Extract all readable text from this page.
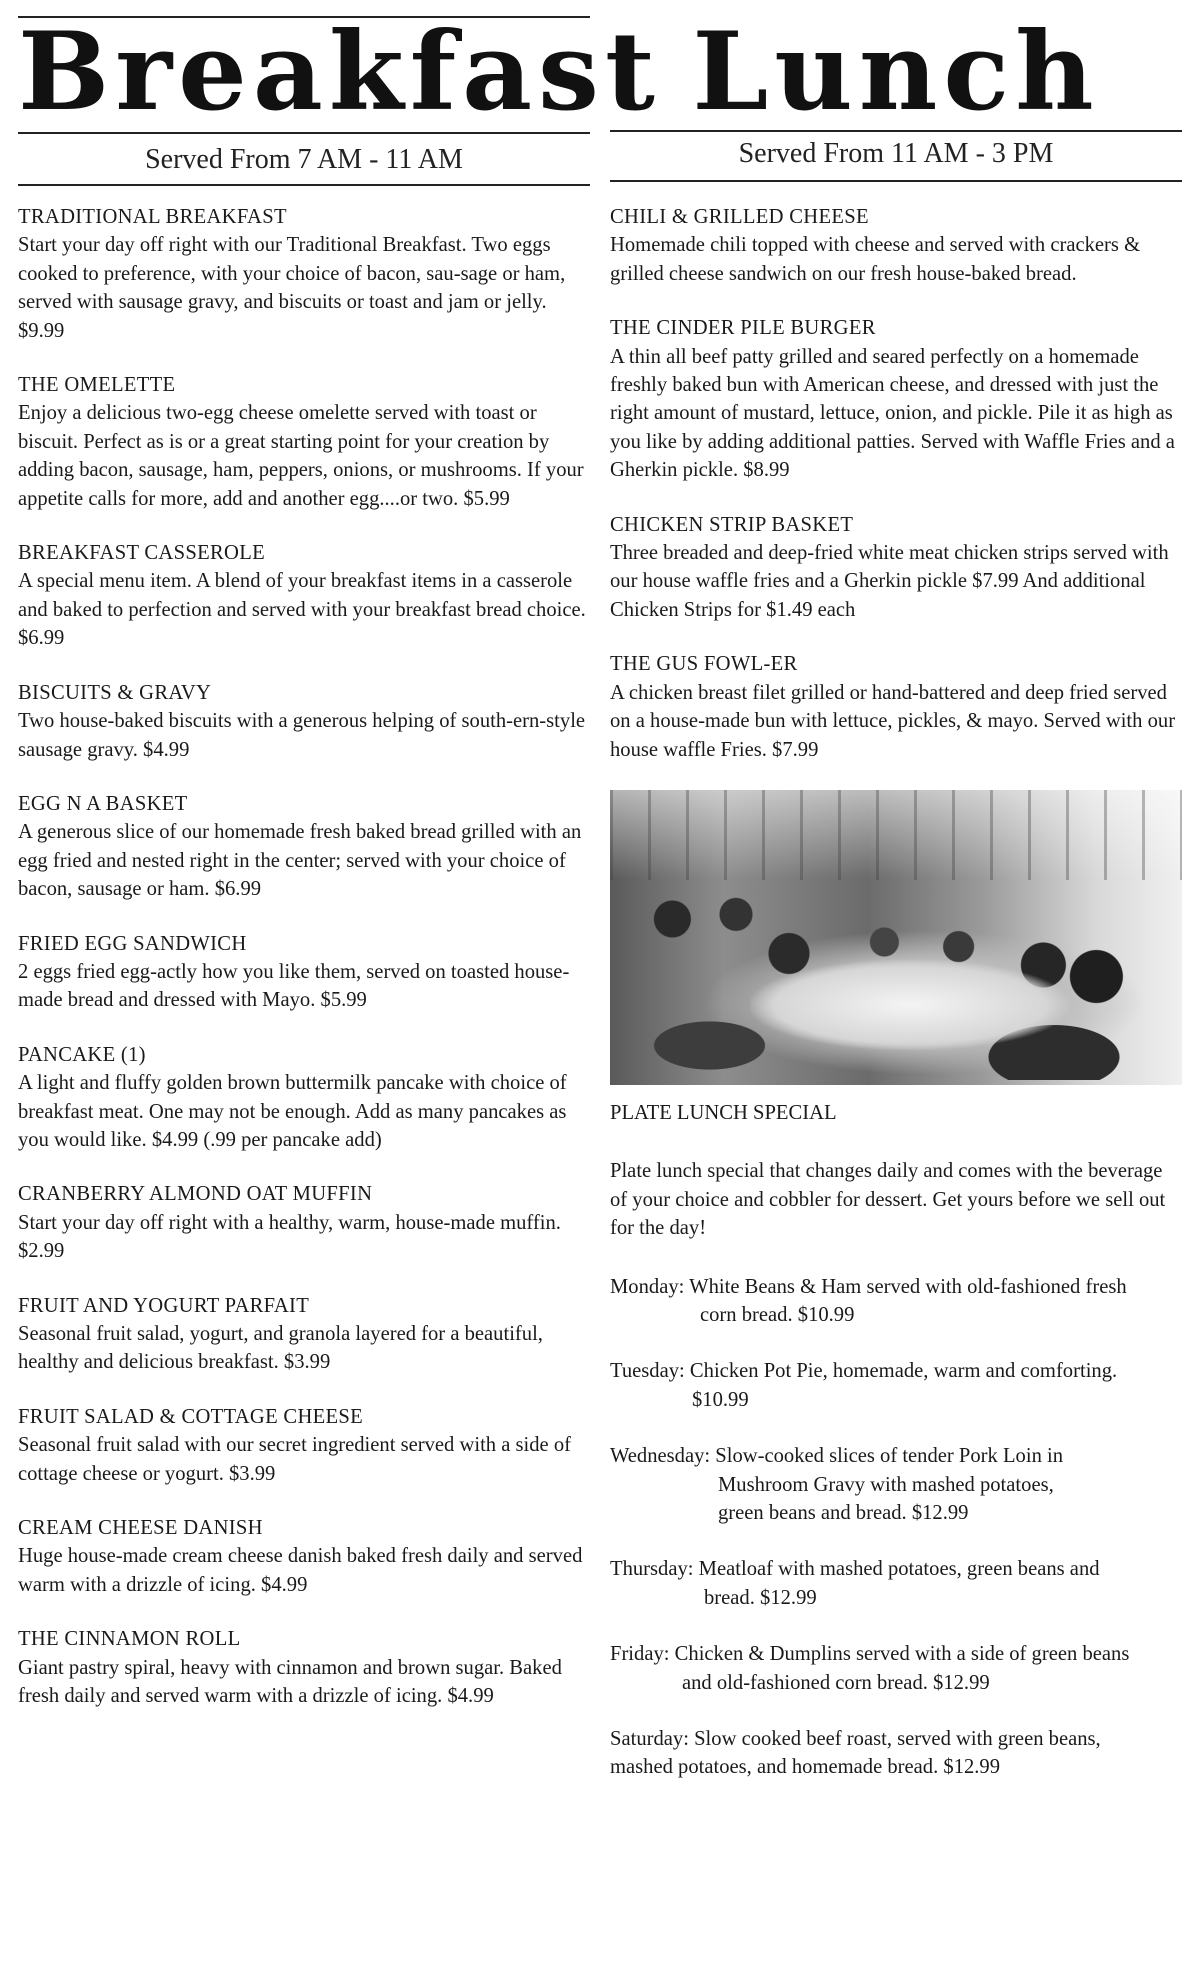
Breakfast
Served From 7 AM - 11 AM
TRADITIONAL BREAKFAST
Start your day off right with our Traditional Breakfast. Two eggs cooked to preference, with your choice of bacon, sau-sage or ham, served with sausage gravy, and biscuits or toast and jam or jelly. $9.99
THE OMELETTE
Enjoy a delicious two-egg cheese omelette served with toast or biscuit. Perfect as is or a great starting point for your creation by adding bacon, sausage, ham, peppers, onions, or mushrooms. If your appetite calls for more, add and another egg....or two. $5.99
BREAKFAST CASSEROLE
A special menu item. A blend of your breakfast items in a casserole and baked to perfection and served with your breakfast bread choice. $6.99
BISCUITS & GRAVY
Two house-baked biscuits with a generous helping of south-ern-style sausage gravy. $4.99
EGG N A BASKET
A generous slice of our homemade fresh baked bread grilled with an egg fried and nested right in the center; served with your choice of bacon, sausage or ham. $6.99
FRIED EGG SANDWICH
2 eggs fried egg-actly how you like them, served on toasted house-made bread and dressed with Mayo. $5.99
PANCAKE (1)
A light and fluffy golden brown buttermilk pancake with choice of breakfast meat. One may not be enough. Add as many pancakes as you would like. $4.99 (.99 per pancake add)
CRANBERRY ALMOND OAT MUFFIN
Start your day off right with a healthy, warm, house-made muffin. $2.99
FRUIT AND YOGURT PARFAIT
Seasonal fruit salad, yogurt, and granola layered for a beautiful, healthy and delicious breakfast. $3.99
FRUIT SALAD & COTTAGE CHEESE
Seasonal fruit salad with our secret ingredient served with a side of cottage cheese or yogurt. $3.99
CREAM CHEESE DANISH
Huge house-made cream cheese danish baked fresh daily and served warm with a drizzle of icing. $4.99
THE CINNAMON ROLL
Giant pastry spiral, heavy with cinnamon and brown sugar. Baked fresh daily and served warm with a drizzle of icing. $4.99
Lunch
Served From 11 AM - 3 PM
CHILI & GRILLED CHEESE
Homemade chili topped with cheese and served with crackers & grilled cheese sandwich on our fresh house-baked bread.
THE CINDER PILE BURGER
A thin all beef patty grilled and seared perfectly on a homemade freshly baked bun with American cheese, and dressed with just the right amount of mustard, lettuce, onion, and pickle. Pile it as high as you like by adding additional patties. Served with Waffle Fries and a Gherkin pickle. $8.99
CHICKEN STRIP BASKET
Three breaded and deep-fried white meat chicken strips served with our house waffle fries and a Gherkin pickle $7.99 And additional Chicken Strips for $1.49 each
THE GUS FOWL-ER
A chicken breast filet grilled or hand-battered and deep fried served on a house-made bun with lettuce, pickles, & mayo. Served with our house waffle Fries. $7.99
PLATE LUNCH SPECIAL
Plate lunch special that changes daily and comes with the beverage of your choice and cobbler for dessert. Get yours before we sell out for the day!
Monday: White Beans & Ham served with old-fashioned fresh
corn bread. $10.99
Tuesday: Chicken Pot Pie, homemade, warm and comforting.
$10.99
Wednesday: Slow-cooked slices of tender Pork Loin in
Mushroom Gravy with mashed potatoes,
green beans and bread. $12.99
Thursday: Meatloaf with mashed potatoes, green beans and
bread. $12.99
Friday: Chicken & Dumplins served with a side of green beans
and old-fashioned corn bread. $12.99
Saturday: Slow cooked beef roast, served with green beans,
mashed potatoes, and homemade bread. $12.99
